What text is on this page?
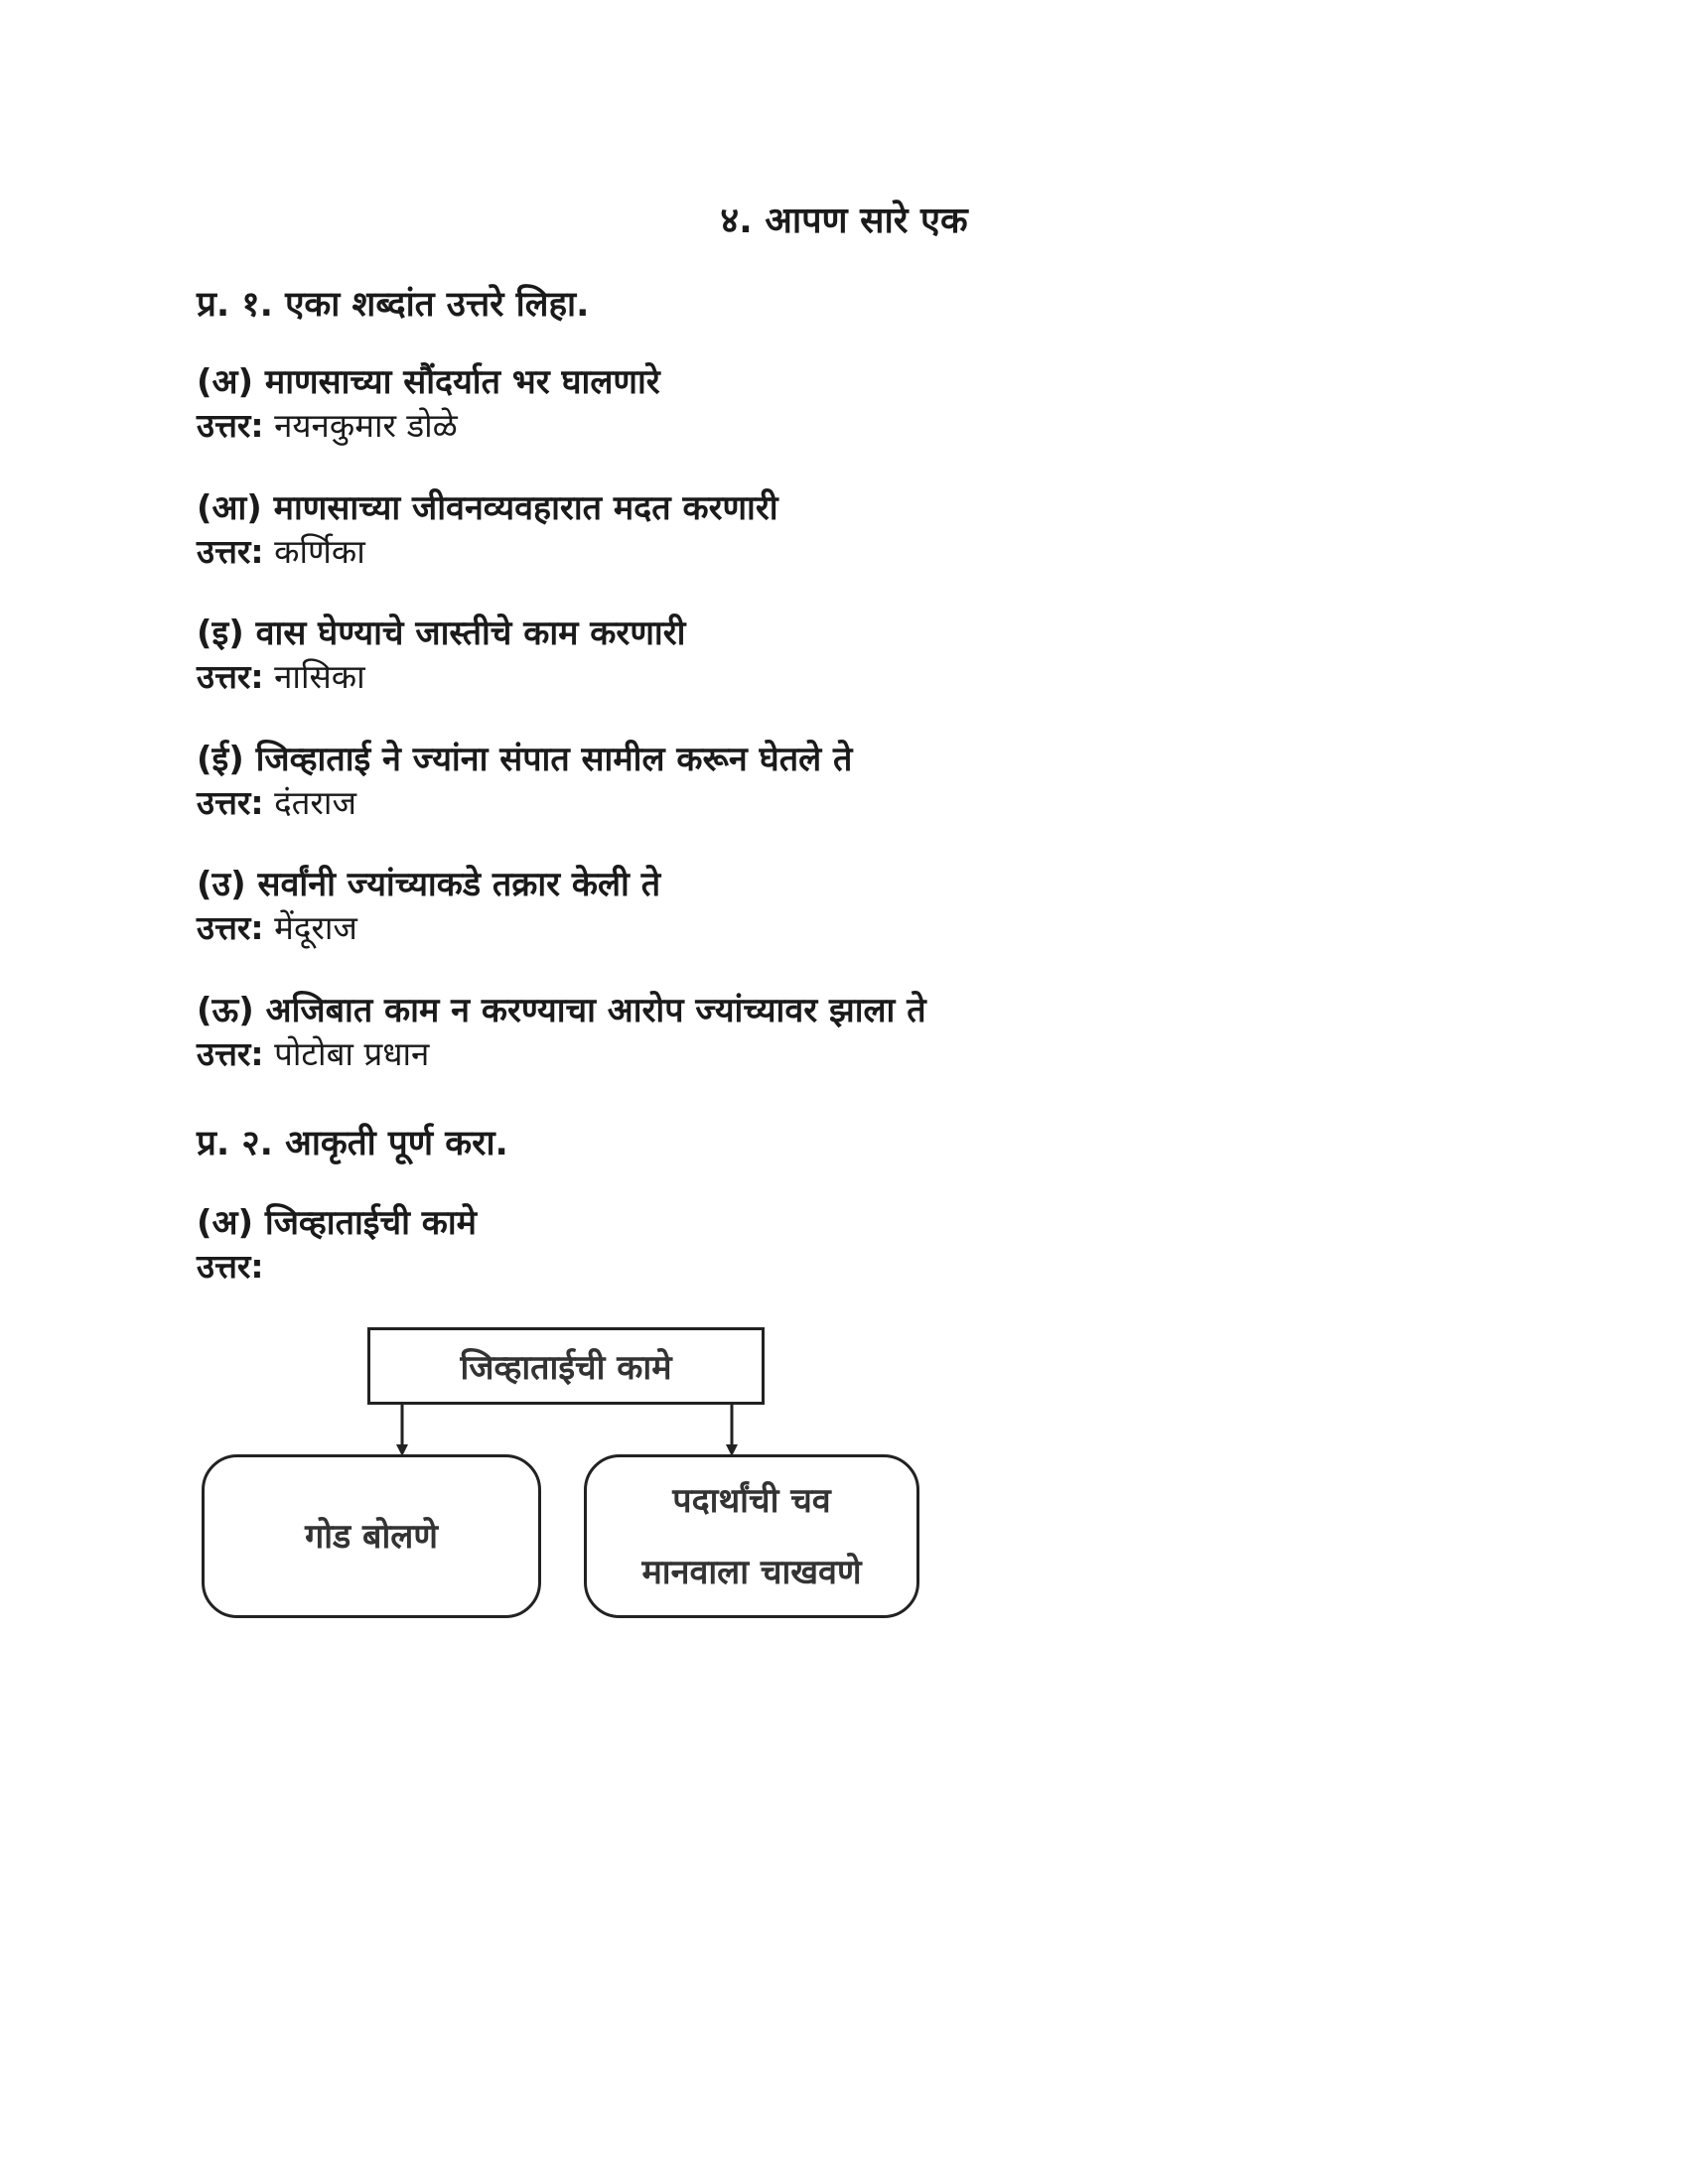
४. आपण सारे एक
प्र. १. एका शब्दांत उत्तरे लिहा.
(अ) माणसाच्या सौंदर्यात भर घालणारे
उत्तर: नयनकुमार डोळे
(आ) माणसाच्या जीवनव्यवहारात मदत करणारी
उत्तर: कर्णिका
(इ) वास घेण्याचे जास्तीचे काम करणारी
उत्तर: नासिका
(ई) जिव्हाताई ने ज्यांना संपात सामील करून घेतले ते
उत्तर: दंतराज
(उ) सर्वांनी ज्यांच्याकडे तक्रार केली ते
उत्तर: मेंदूराज
(ऊ) अजिबात काम न करण्याचा आरोप ज्यांच्यावर झाला ते
उत्तर: पोटोबा प्रधान
प्र. २. आकृती पूर्ण करा.
(अ) जिव्हाताईची कामे
उत्तर:
जिव्हाताईची कामे
गोड बोलणे
पदार्थांची चव
मानवाला चाखवणे
